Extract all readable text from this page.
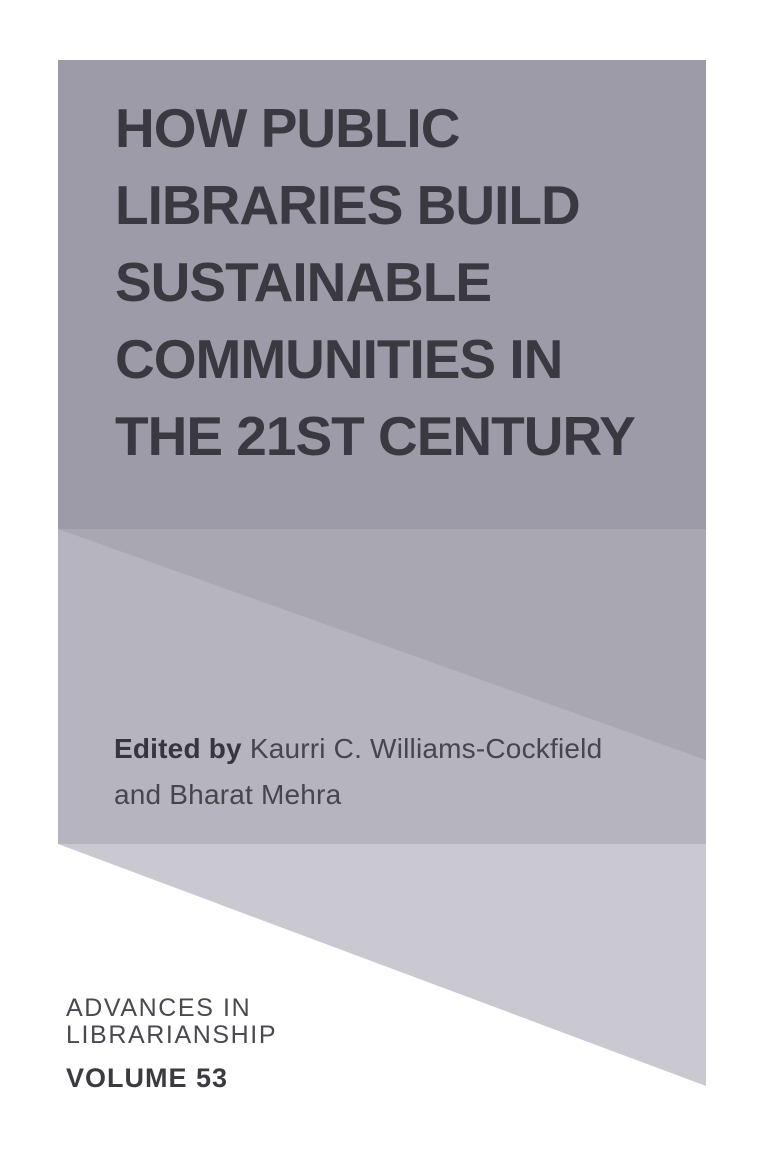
HOW PUBLIC
LIBRARIES BUILD
SUSTAINABLE
COMMUNITIES IN
THE 21ST CENTURY
Edited by Kaurri C. Williams-Cockfield
and Bharat Mehra
ADVANCES IN
LIBRARIANSHIP
VOLUME 53
